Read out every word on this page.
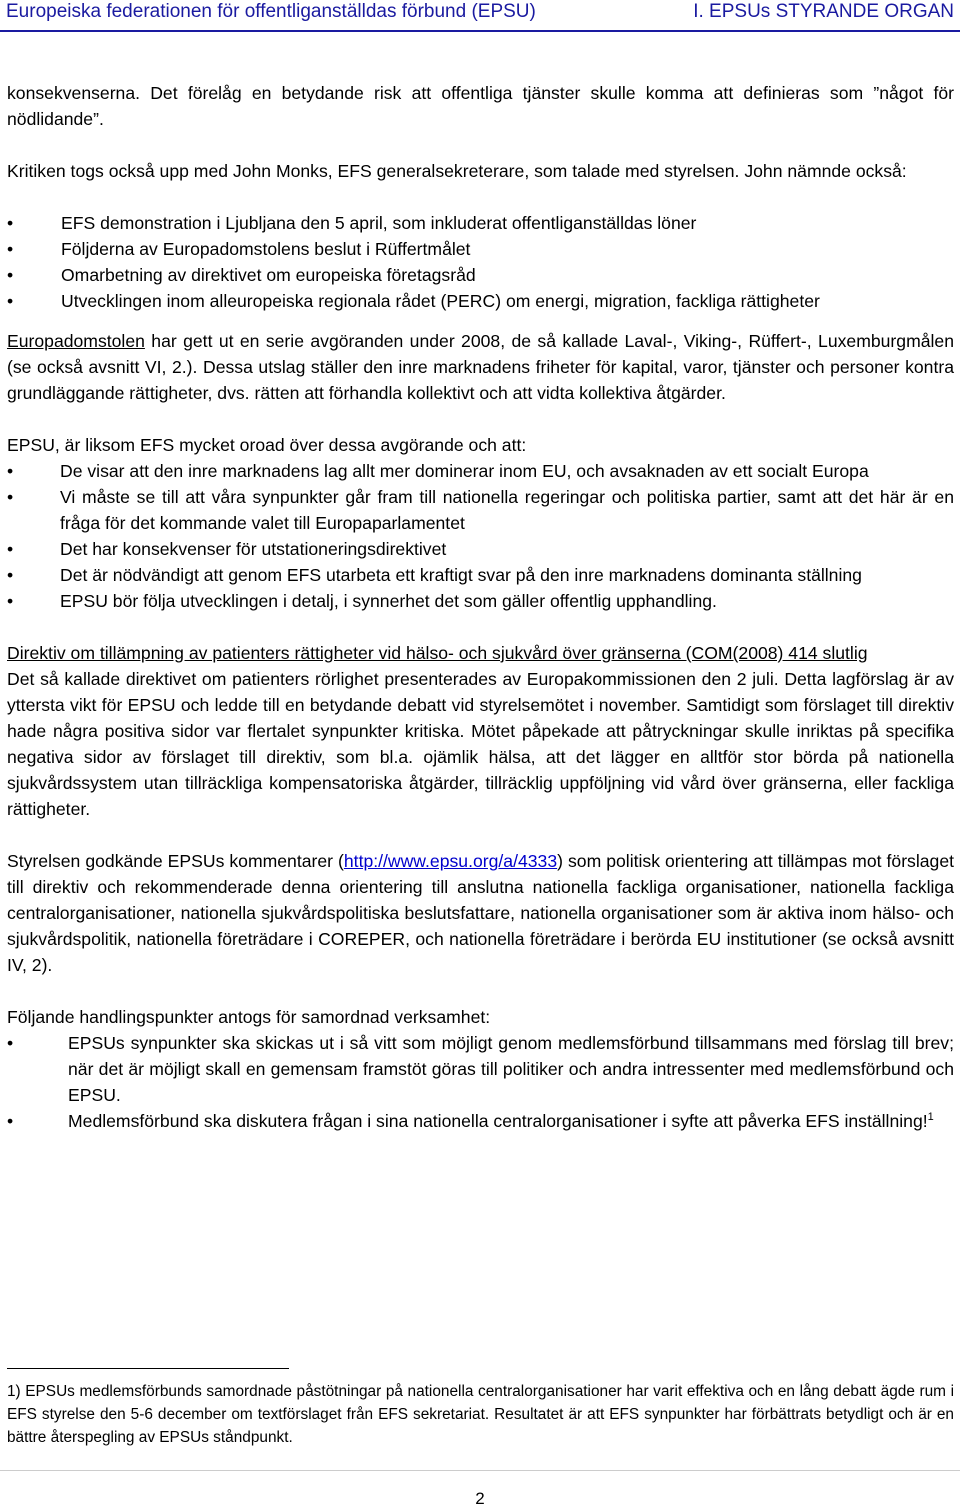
Europeiska federationen för offentliganställdas förbund (EPSU)	I. EPSUs STYRANDE ORGAN

konsekvenserna. Det förelåg en betydande risk att offentliga tjänster skulle komma att definieras som ”något för nödlidande”.

Kritiken togs också upp med John Monks, EFS generalsekreterare, som talade med styrelsen. John nämnde också:

•	EFS demonstration i Ljubljana den 5 april, som inkluderat offentliganställdas löner
•	Följderna av Europadomstolens beslut i Rüffertmålet
•	Omarbetning av direktivet om europeiska företagsråd
•	Utvecklingen inom alleuropeiska regionala rådet (PERC) om energi, migration, fackliga rättigheter

Europadomstolen har gett ut en serie avgöranden under 2008, de så kallade Laval-, Viking-, Rüffert-, Luxemburgmålen (se också avsnitt VI, 2.). Dessa utslag ställer den inre marknadens friheter för kapital, varor, tjänster och personer kontra grundläggande rättigheter, dvs. rätten att förhandla kollektivt och att vidta kollektiva åtgärder.

EPSU, är liksom EFS mycket oroad över dessa avgörande och att:

•	De visar att den inre marknadens lag allt mer dominerar inom EU, och avsaknaden av ett socialt Europa
•	Vi måste se till att våra synpunkter går fram till nationella regeringar och politiska partier, samt att det här är en fråga för det kommande valet till Europaparlamentet
•	Det har konsekvenser för utstationeringsdirektivet
•	Det är nödvändigt att genom EFS utarbeta ett kraftigt svar på den inre marknadens dominanta ställning
•	EPSU bör följa utvecklingen i detalj, i synnerhet det som gäller offentlig upphandling.

Direktiv om tillämpning av patienters rättigheter vid hälso- och sjukvård över gränserna (COM(2008) 414 slutlig

Det så kallade direktivet om patienters rörlighet presenterades av Europakommissionen den 2 juli. Detta lagförslag är av yttersta vikt för EPSU och ledde till en betydande debatt vid styrelsemötet i november. Samtidigt som förslaget till direktiv hade några positiva sidor var flertalet synpunkter kritiska. Mötet påpekade att påtryckningar skulle inriktas på specifika negativa sidor av förslaget till direktiv, som bl.a. ojämlik hälsa, att det lägger en alltför stor börda på nationella sjukvårdssystem utan tillräckliga kompensatoriska åtgärder, tillräcklig uppföljning vid vård över gränserna, eller fackliga rättigheter.

Styrelsen godkände EPSUs kommentarer (http://www.epsu.org/a/4333) som politisk orientering att tillämpas mot förslaget till direktiv och rekommenderade denna orientering till anslutna nationella fackliga organisationer, nationella fackliga centralorganisationer, nationella sjukvårdspolitiska beslutsfattare, nationella organisationer som är aktiva inom hälso- och sjukvårdspolitik, nationella företrädare i COREPER, och nationella företrädare i berörda EU institutioner (se också avsnitt IV, 2).

Följande handlingspunkter antogs för samordnad verksamhet:

•	EPSUs synpunkter ska skickas ut i så vitt som möjligt genom medlemsförbund tillsammans med förslag till brev; när det är möjligt skall en gemensam framstöt göras till politiker och andra intressenter med medlemsförbund och EPSU.
•	Medlemsförbund ska diskutera frågan i sina nationella centralorganisationer i syfte att påverka EFS inställning!$^1$
1) EPSUs medlemsförbunds samordnade påstötningar på nationella centralorganisationer har varit effektiva och en lång debatt ägde rum i EFS styrelse den 5-6 december om textförslaget från EFS sekretariat. Resultatet är att EFS synpunkter har förbättrats betydligt och är en bättre återspegling av EPSUs ståndpunkt.
2
